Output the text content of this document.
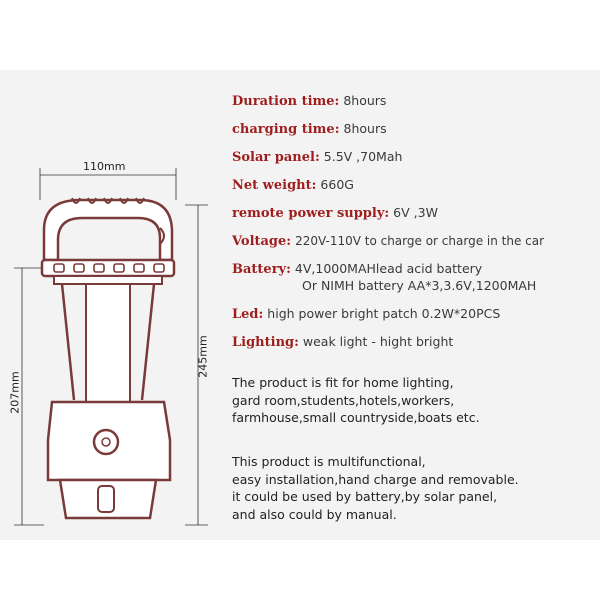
110mm
207mm
245mm
Duration time: 8hours
charging time: 8hours
Solar panel: 5.5V ,70Mah
Net weight: 660G
remote power supply: 6V ,3W
Voltage: 220V-110V to charge or charge in the car
Battery: 4V,1000MAHlead acid battery
Or NIMH battery AA*3,3.6V,1200MAH
Led: high power bright patch 0.2W*20PCS
Lighting: weak light - hight bright
The product is fit for home lighting,
gard room,students,hotels,workers,
farmhouse,small countryside,boats etc.
This product is multifunctional,
easy installation,hand charge and removable.
it could be used by battery,by solar panel,
and also could by manual.
